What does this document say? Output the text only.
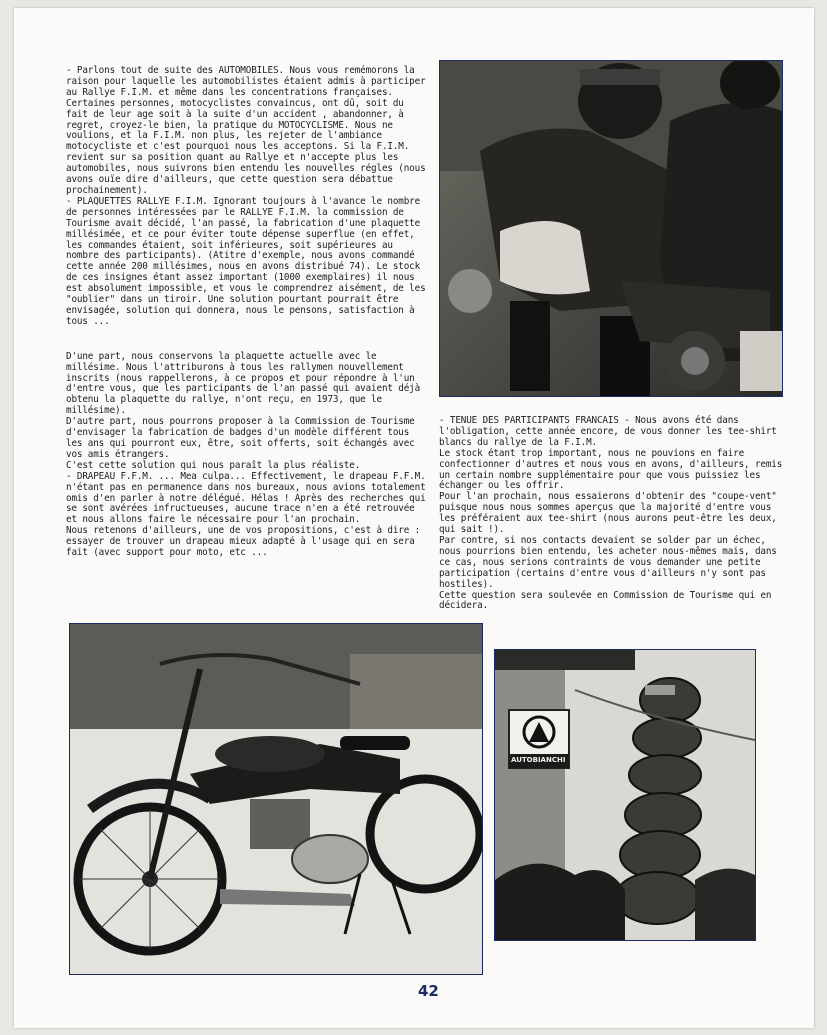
- Parlons tout de suite des AUTOMOBILES. Nous vous remémorons la raison pour laquelle les automobilistes étaient admis à participer au Rallye F.I.M. et même dans les concentrations françaises. Certaines personnes, motocyclistes convaincus, ont dû, soit du fait de leur age soit à la suite d'un accident , abandonner, à regret, croyez-le bien, la pratique du MOTOCYCLISME. Nous ne voulions, et la F.I.M. non plus, les rejeter de l'ambiance motocycliste et c'est pourquoi nous les acceptons. Si la F.I.M. revient sur sa position quant au Rallye et n'accepte plus les automobiles, nous suivrons bien entendu les nouvelles régles (nous avons ouïe dire d'ailleurs, que cette question sera débattue prochainement).

- PLAQUETTES RALLYE F.I.M. Ignorant toujours à l'avance le nombre de personnes intéressées par le RALLYE F.I.M. la commission de Tourisme avait décidé, l'an passé, la fabrication d'une plaquette millésimée, et ce pour éviter toute dépense superflue (en effet, les commandes étaient, soit inférieures, soit supérieures au nombre des participants). (Atitre d'exemple, nous avons commandé cette année 200 millésimes, nous en avons distribué 74). Le stock de ces insignes étant assez important (1000 exemplaires) il nous est absolument impossible, et vous le comprendrez aisément, de les "oublier" dans un tiroir. Une solution pourtant pourrait être envisagée, solution qui donnera, nous le pensons, satisfaction à tous ...

D'une part, nous conservons la plaquette actuelle avec le millésime. Nous l'attriburons à tous les rallymen nouvellement inscrits (nous rappellerons, à ce propos et pour répondre à l'un d'entre vous, que les participants de l'an passé qui avaient déjà obtenu la plaquette du rallye, n'ont reçu, en 1973, que le millésime).

D'autre part, nous pourrons proposer à la Commission de Tourisme d'envisager la fabrication de badges d'un modèle différent tous les ans qui pourront eux, être, soit offerts, soit échangés avec vos amis étrangers.

C'est cette solution qui nous paraît la plus réaliste.

- DRAPEAU F.F.M. ... Mea culpa... Effectivement, le drapeau F.F.M. n'étant pas en permanence dans nos bureaux, nous avions totalement omis d'en parler à notre délégué. Hélas ! Après des recherches qui se sont avérées infructueuses, aucune trace n'en a été retrouvée et nous allons faire le nécessaire pour l'an prochain.

Nous retenons d'ailleurs, une de vos propositions, c'est à dire : essayer de trouver un drapeau mieux adapté à l'usage qui en sera fait (avec support pour moto, etc ...

- TENUE DES PARTICIPANTS FRANCAIS - Nous avons été dans l'obligation, cette année encore, de vous donner les tee-shirt blancs du rallye de la F.I.M.

Le stock étant trop important, nous ne pouvions en faire confectionner d'autres et nous vous en avons, d'ailleurs, remis un certain nombre supplémentaire pour que vous puissiez les échanger ou les offrir.

Pour l'an prochain, nous essaierons d'obtenir des "coupe-vent" puisque nous nous sommes aperçus que la majorité d'entre vous les préféraient aux tee-shirt (nous aurons peut-être les deux, qui sait !).

Par contre, si nos contacts devaient se solder par un échec, nous pourrions bien entendu, les acheter nous-mêmes mais, dans ce cas, nous serions contraints de vous demander une petite participation (certains d'entre vous d'ailleurs n'y sont pas hostiles).

Cette question sera soulevée en Commission de Tourisme qui en décidera.

AUTOBIANCHI
42
